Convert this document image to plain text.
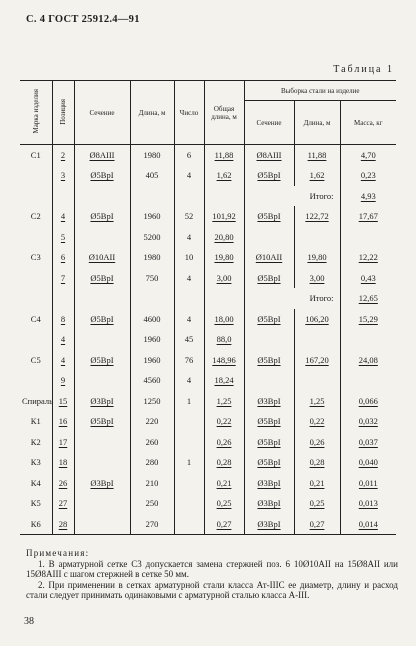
С. 4 ГОСТ 25912.4—91
Таблица 1
Марка изделия	Позиция	Сечение	Длина, м	Число	Общая длина, м	Выборка стали на изделие		
						Сечение	Длина, м	Масса, кг
С1	2	Ø8АIII	1980	6	11,88	Ø8АIII	11,88	4,70
	3	Ø5ВрI	405	4	1,62	Ø5ВрI	1,62	0,23
						Итого:		4,93
С2	4	Ø5ВрI	1960	52	101,92	Ø5ВрI	122,72	17,67
	5		5200	4	20,80			
С3	6	Ø10АII	1980	10	19,80	Ø10АII	19,80	12,22
	7	Ø5ВрI	750	4	3,00	Ø5ВрI	3,00	0,43
						Итого:		12,65
С4	8	Ø5ВрI	4600	4	18,00	Ø5ВрI	106,20	15,29
	4		1960	45	88,0			
С5	4	Ø5ВрI	1960	76	148,96	Ø5ВрI	167,20	24,08
	9		4560	4	18,24			
Спираль	15	Ø3ВрI	1250	1	1,25	Ø3ВрI	1,25	0,066
К1	16	Ø5ВрI	220		0,22	Ø5ВрI	0,22	0,032
К2	17		260		0,26	Ø5ВрI	0,26	0,037
К3	18		280	1	0,28	Ø5ВрI	0,28	0,040
К4	26	Ø3ВрI	210		0,21	Ø3ВрI	0,21	0,011
К5	27		250		0,25	Ø3ВрI	0,25	0,013
К6	28		270		0,27	Ø3ВрI	0,27	0,014
Примечания:

1. В арматурной сетке С3 допускается замена стержней поз. 6 10Ø10АII на 15Ø8АII или 15Ø8АIII с шагом стержней в сетке 50 мм.

2. При применении в сетках арматурной стали класса Ат-IIIС ее диаметр, длину и расход стали следует принимать одинаковыми с арматурной сталью класса А-III.

38
